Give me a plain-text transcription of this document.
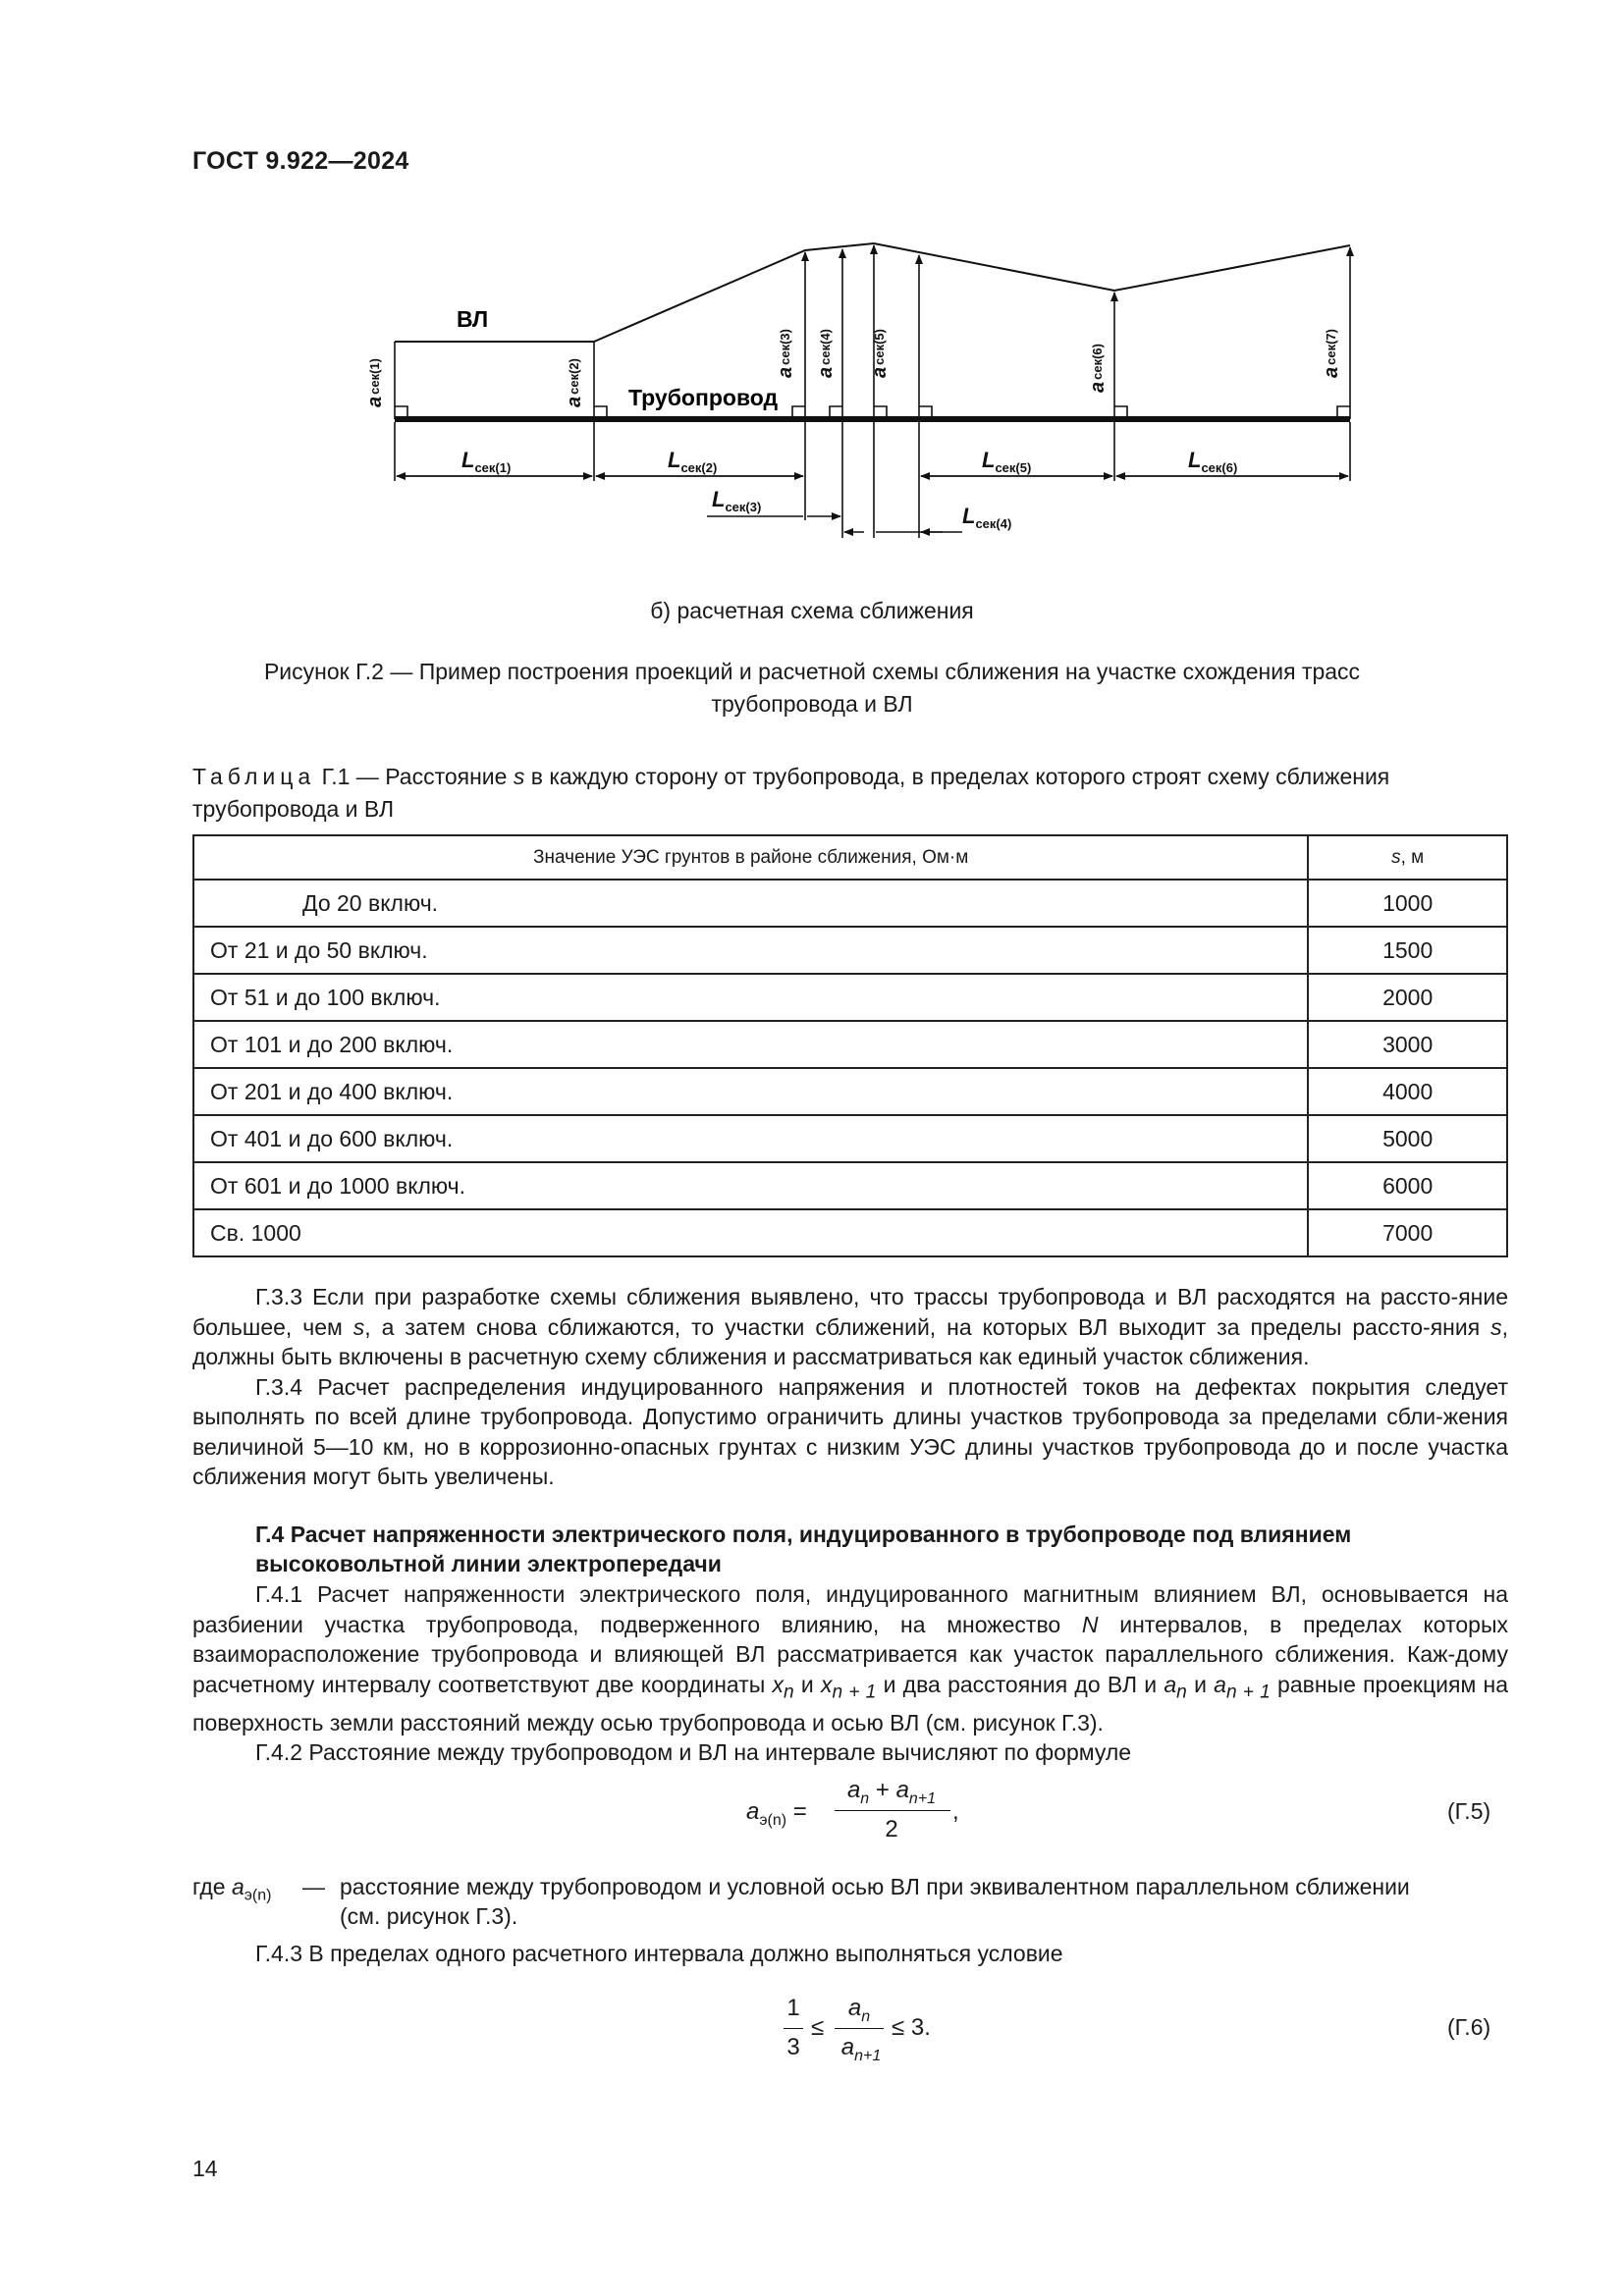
ГОСТ 9.922—2024
ВЛ
Трубопровод
aсек(1)
aсек(2)	aсек(3)
aсек(4)
aсек(5)
aсек(6)	aсек(7)
$L_{сек(1)}$	$L_{сек(2)}$
$L_{сек(3)}$	$L_{сек(4)}$
$L_{сек(5)}$	$L_{сек(6)}$
б) расчетная схема сближения
Рисунок Г.2 — Пример построения проекций и расчетной схемы сближения на участке схождения трасс
трубопровода и ВЛ
Таблица Г.1 — Расстояние s в каждую сторону от трубопровода, в пределах которого строят схему сближения
трубопровода и ВЛ
Значение УЭС грунтов в районе сближения, Ом·м	s, м
До 20 включ.	1000
От 21 и до 50 включ.	1500
От 51 и до 100 включ.	2000
От 101 и до 200 включ.	3000
От 201 и до 400 включ.	4000
От 401 и до 600 включ.	5000
От 601 и до 1000 включ.	6000
Св. 1000	7000

Г.3.3 Если при разработке схемы сближения выявлено, что трассы трубопровода и ВЛ расходятся на рассто-яние большее, чем s, а затем снова сближаются, то участки сближений, на которых ВЛ выходит за пределы рассто-яния s, должны быть включены в расчетную схему сближения и рассматриваться как единый участок сближения.

Г.3.4 Расчет распределения индуцированного напряжения и плотностей токов на дефектах покрытия следует выполнять по всей длине трубопровода. Допустимо ограничить длины участков трубопровода за пределами сбли-жения величиной 5—10 км, но в коррозионно-опасных грунтах с низким УЭС длины участков трубопровода до и после участка сближения могут быть увеличены.

Г.4 Расчет напряженности электрического поля, индуцированного в трубопроводе под влиянием высоковольтной линии электропередачи

Г.4.1 Расчет напряженности электрического поля, индуцированного магнитным влиянием ВЛ, основывается на разбиении участка трубопровода, подверженного влиянию, на множество N интервалов, в пределах которых взаиморасположение трубопровода и влияющей ВЛ рассматривается как участок параллельного сближения. Каж-дому расчетному интервалу соответствуют две координаты $x_n$ и $x_{n + 1}$ и два расстояния до ВЛ и $a_n$ и $a_{n + 1}$ равные проекциям на поверхность земли расстояний между осью трубопровода и осью ВЛ (см. рисунок Г.3).

Г.4.2 Расстояние между трубопроводом и ВЛ на интервале вычисляют по формуле

$a_{э(n)}$ =
$a_n + a_{n+1}$
2
,	(Г.5)
где $a_{э(n)}$ — расстояние между трубопроводом и условной осью ВЛ при эквивалентном параллельном сближении
(см. рисунок Г.3).

Г.4.3 В пределах одного расчетного интервала должно выполняться условие

1
3
≤
$a_n$
$a_{n+1}$
≤ 3.	(Г.6)
14
